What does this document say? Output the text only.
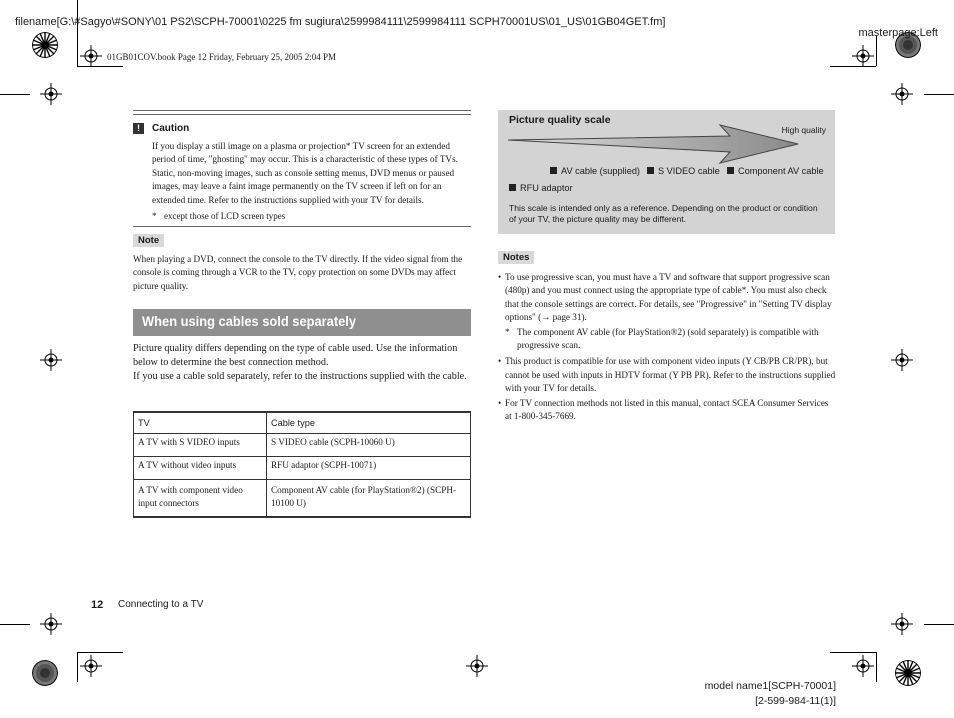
filename[G:\#Sagyo\#SONY\01 PS2\SCPH-70001\0225 fm sugiura\2599984111\2599984111 SCPH70001US\01_US\01GB04GET.fm]
masterpage:Left
01GB01COV.book Page 12 Friday, February 25, 2005 2:04 PM
!	Caution
If you display a still image on a plasma or projection* TV screen for an extended period of time, "ghosting" may occur. This is a characteristic of these types of TVs. Static, non-moving images, such as console setting menus, DVD menus or paused images, may leave a faint image permanently on the TV screen if left on for an extended time. Refer to the instructions supplied with your TV for details.
* except those of LCD screen types
Note
When playing a DVD, connect the console to the TV directly. If the video signal from the console is coming through a VCR to the TV, copy protection on some DVDs may affect picture quality.
When using cables sold separately

Picture quality differs depending on the type of cable used. Use the information below to determine the best connection method.

If you use a cable sold separately, refer to the instructions supplied with the cable.

TV	Cable type
A TV with S VIDEO inputs	S VIDEO cable (SCPH-10060 U)
A TV without video inputs	RFU adaptor (SCPH-10071)
A TV with component video input connectors	Component AV cable (for PlayStation®2) (SCPH-10100 U)
12 Connecting to a TV
Picture quality scale
High quality
AV cable (supplied)	S VIDEO cable	Component AV cable
RFU adaptor
This scale is intended only as a reference. Depending on the product or condition of your TV, the picture quality may be different.
Notes
• To use progressive scan, you must have a TV and software that support progressive scan (480p) and you must connect using the appropriate type of cable*. You must also check that the console settings are correct. For details, see "Progressive" in "Setting TV display options" (→ page 31).
* The component AV cable (for PlayStation®2) (sold separately) is compatible with progressive scan.
• This product is compatible for use with component video inputs (Y CB/PB CR/PR), but cannot be used with inputs in HDTV format (Y PB PR). Refer to the instructions supplied with your TV for details.
• For TV connection methods not listed in this manual, contact SCEA Consumer Services at 1-800-345-7669.
model name1[SCPH-70001]
[2-599-984-11(1)]
